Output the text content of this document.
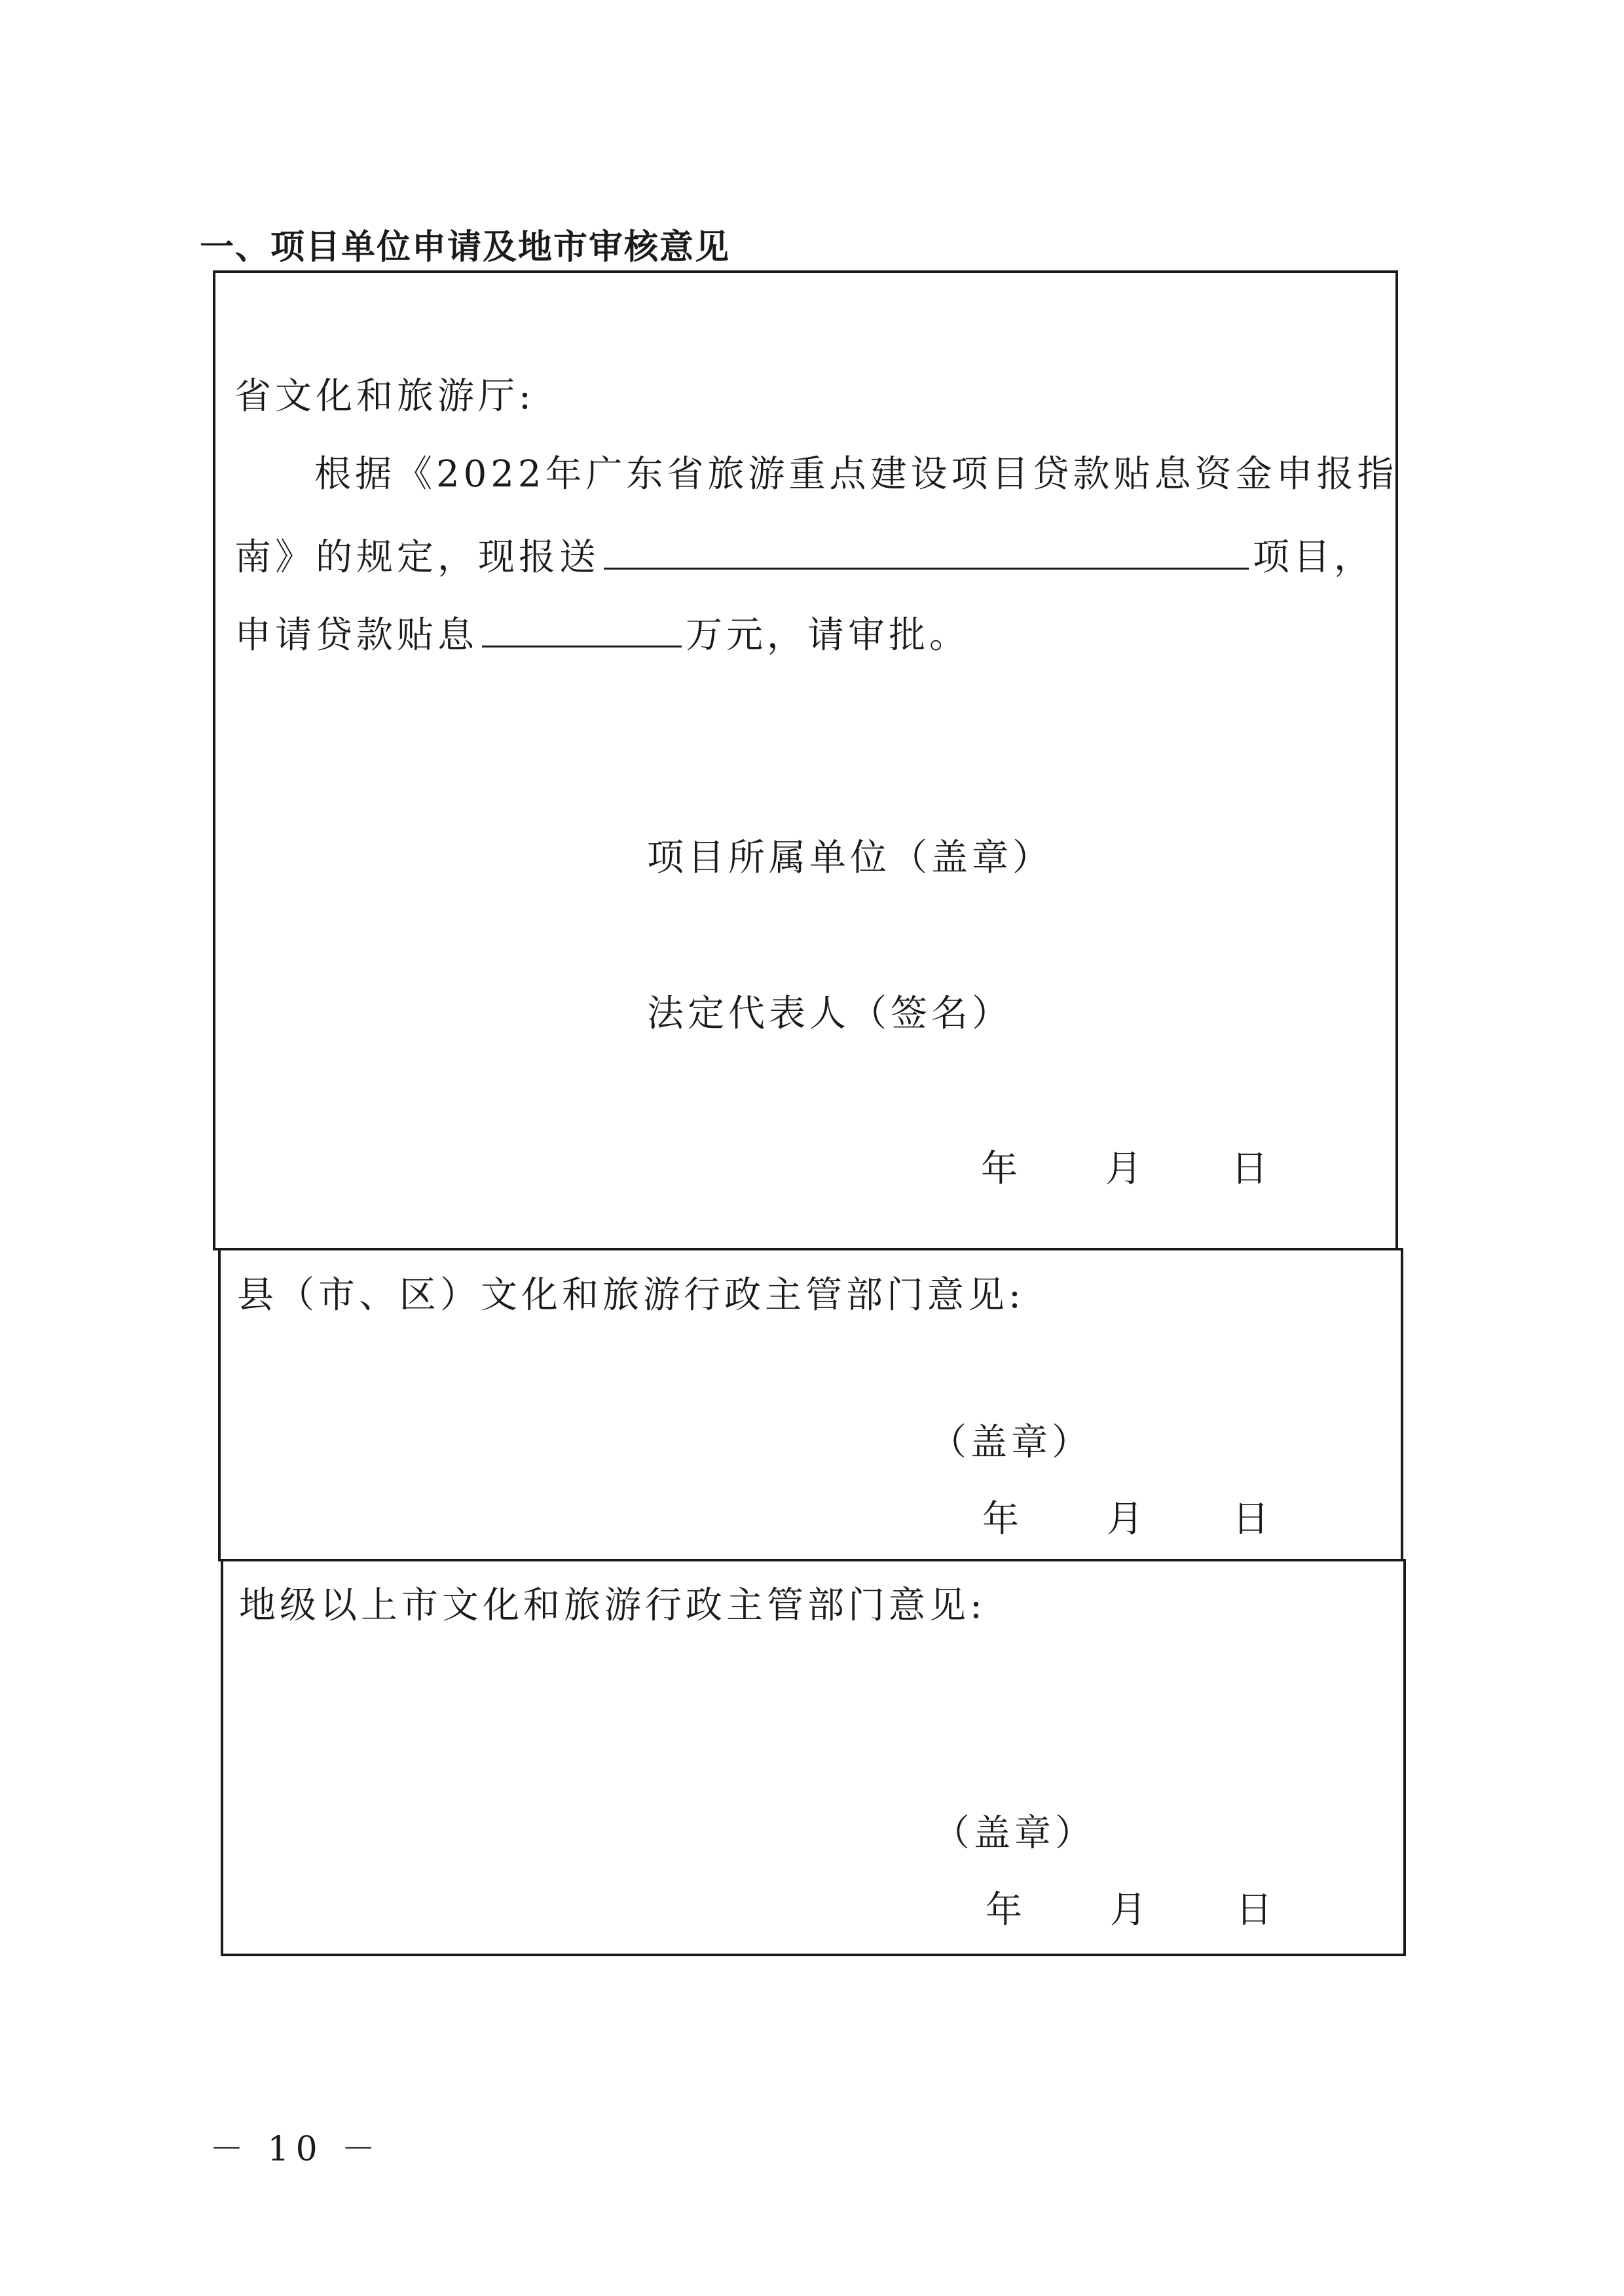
一、项目单位申请及地市审核意见
省文化和旅游厅:
根据《2022年广东省旅游重点建设项目贷款贴息资金申报指
南》的规定，现报送	项目，
申请贷款贴息	万元，请审批。
项目所属单位（盖章）
法定代表人（签名）
年 月 日
县（市、区）文化和旅游行政主管部门意见:
（盖章）
年 月 日
地级以上市文化和旅游行政主管部门意见:
（盖章）
年 月 日
－ 10 －
